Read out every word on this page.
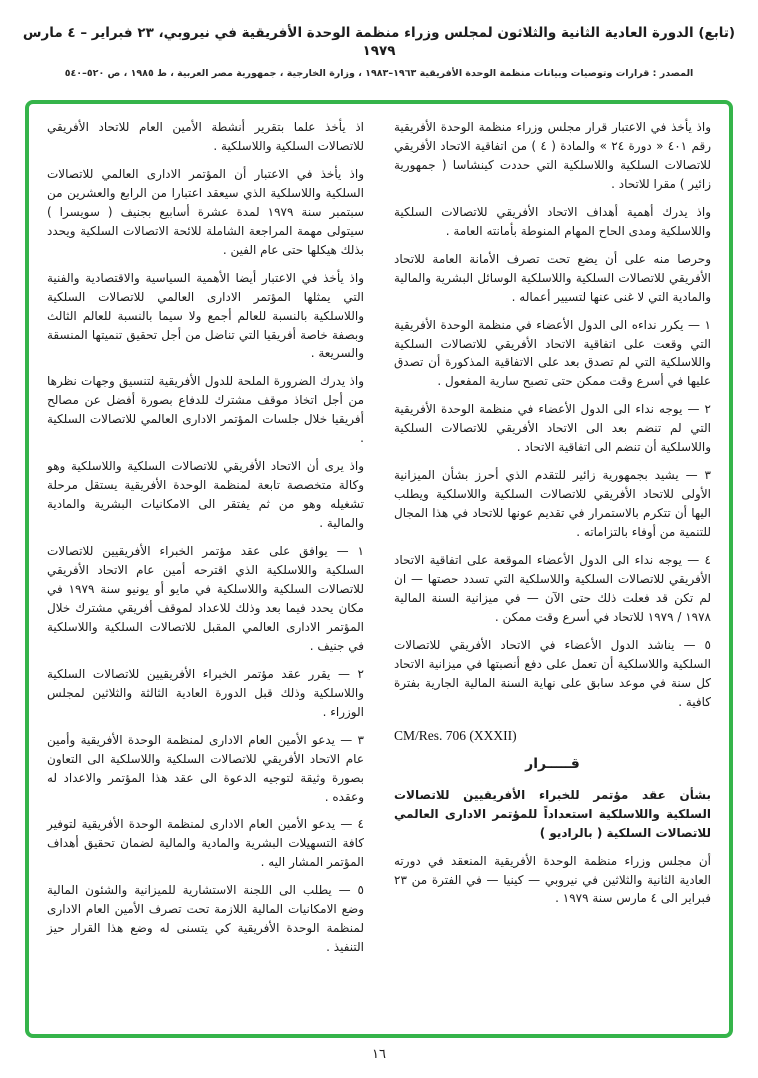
(تابع) الدورة العادية الثانية والثلاثون لمجلس وزراء منظمة الوحدة الأفريقية في نيروبي، ٢٣ فبراير – ٤ مارس ١٩٧٩
المصدر : قرارات وتوصيات وبيانات منظمة الوحدة الأفريقية ١٩٦٣–١٩٨٣ ، وزارة الخارجية ، جمهورية مصر العربية ، ط ١٩٨٥ ، ص ٥٢٠–٥٤٠

واذ يأخذ في الاعتبار قرار مجلس وزراء منظمة الوحدة الأفريقية رقم ٤٠١ « دورة ٢٤ » والمادة ( ٤ ) من اتفاقية الاتحاد الأفريقي للاتصالات السلكية واللاسلكية التي حددت كينشاسا ( جمهورية زائير ) مقرا للاتحاد .

واذ يدرك أهمية أهداف الاتحاد الأفريقي للاتصالات السلكية واللاسلكية ومدى الحاح المهام المنوطة بأمانته العامة .

وحرصا منه على أن يضع تحت تصرف الأمانة العامة للاتحاد الأفريقي للاتصالات السلكية واللاسلكية الوسائل البشرية والمالية والمادية التي لا غنى عنها لتسيير أعماله .

١ — يكرر نداءه الى الدول الأعضاء في منظمة الوحدة الأفريقية التي وقعت على اتفاقية الاتحاد الأفريقي للاتصالات السلكية واللاسلكية التي لم تصدق بعد على الاتفاقية المذكورة أن تصدق عليها في أسرع وقت ممكن حتى تصبح سارية المفعول .

٢ — يوجه نداء الى الدول الأعضاء في منظمة الوحدة الأفريقية التي لم تنضم بعد الى الاتحاد الأفريقي للاتصالات السلكية واللاسلكية أن تنضم الى اتفاقية الاتحاد .

٣ — يشيد بجمهورية زائير للتقدم الذي أحرز بشأن الميزانية الأولى للاتحاد الأفريقي للاتصالات السلكية واللاسلكية ويطلب اليها أن تتكرم بالاستمرار في تقديم عونها للاتحاد في هذا المجال للتنمية من أوفاء بالتزاماته .

٤ — يوجه نداء الى الدول الأعضاء الموقعة على اتفاقية الاتحاد الأفريقي للاتصالات السلكية واللاسلكية التي تسدد حصتها — ان لم تكن قد فعلت ذلك حتى الآن — في ميزانية السنة المالية ١٩٧٨ / ١٩٧٩ للاتحاد في أسرع وقت ممكن .

٥ — يناشد الدول الأعضاء في الاتحاد الأفريقي للاتصالات السلكية واللاسلكية أن تعمل على دفع أنصبتها في ميزانية الاتحاد كل سنة في موعد سابق على نهاية السنة المالية الجارية بفترة كافية .

CM/Res. 706 (XXXII)
قـــــرار

بشأن عقد مؤتمر للخبراء الأفريقيين للاتصالات السلكية واللاسلكية استعداداً للمؤتمر الادارى العالمي للاتصالات السلكية ( بالراديو )

أن مجلس وزراء منظمة الوحدة الأفريقية المنعقد في دورته العادية الثانية والثلاثين في نيروبي — كينيا — في الفترة من ٢٣ فبراير الى ٤ مارس سنة ١٩٧٩ .

اذ يأخذ علما بتقرير أنشطة الأمين العام للاتحاد الأفريقي للاتصالات السلكية واللاسلكية .

واذ يأخذ في الاعتبار أن المؤتمر الادارى العالمي للاتصالات السلكية واللاسلكية الذي سيعقد اعتبارا من الرابع والعشرين من سبتمبر سنة ١٩٧٩ لمدة عشرة أسابيع بجنيف ( سويسرا ) سيتولى مهمة المراجعة الشاملة للائحة الاتصالات السلكية ويحدد بذلك هيكلها حتى عام الفين .

واذ يأخذ في الاعتبار أيضا الأهمية السياسية والاقتصادية والفنية التي يمثلها المؤتمر الادارى العالمي للاتصالات السلكية واللاسلكية بالنسبة للعالم أجمع ولا سيما بالنسبة للعالم الثالث وبصفة خاصة أفريقيا التي تناضل من أجل تحقيق تنميتها المنسقة والسريعة .

واذ يدرك الضرورة الملحة للدول الأفريقية لتنسيق وجهات نظرها من أجل اتخاذ موقف مشترك للدفاع بصورة أفضل عن مصالح أفريقيا خلال جلسات المؤتمر الادارى العالمي للاتصالات السلكية .

واذ يرى أن الاتحاد الأفريقي للاتصالات السلكية واللاسلكية وهو وكالة متخصصة تابعة لمنظمة الوحدة الأفريقية يستقل مرحلة تشغيله وهو من ثم يفتقر الى الامكانيات البشرية والمادية والمالية .

١ — يوافق على عقد مؤتمر الخبراء الأفريقيين للاتصالات السلكية واللاسلكية الذي اقترحه أمين عام الاتحاد الأفريقي للاتصالات السلكية واللاسلكية في مايو أو يونيو سنة ١٩٧٩ في مكان يحدد فيما بعد وذلك للاعداد لموقف أفريقي مشترك خلال المؤتمر الادارى العالمي المقبل للاتصالات السلكية واللاسلكية في جنيف .

٢ — يقرر عقد مؤتمر الخبراء الأفريقيين للاتصالات السلكية واللاسلكية وذلك قبل الدورة العادية الثالثة والثلاثين لمجلس الوزراء .

٣ — يدعو الأمين العام الادارى لمنظمة الوحدة الأفريقية وأمين عام الاتحاد الأفريقي للاتصالات السلكية واللاسلكية الى التعاون بصورة وثيقة لتوجيه الدعوة الى عقد هذا المؤتمر والاعداد له وعقده .

٤ — يدعو الأمين العام الادارى لمنظمة الوحدة الأفريقية لتوفير كافة التسهيلات البشرية والمادية والمالية لضمان تحقيق أهداف المؤتمر المشار اليه .

٥ — يطلب الى اللجنة الاستشارية للميزانية والشئون المالية وضع الامكانيات المالية اللازمة تحت تصرف الأمين العام الادارى لمنظمة الوحدة الأفريقية كي يتسنى له وضع هذا القرار حيز التنفيذ .

١٦
